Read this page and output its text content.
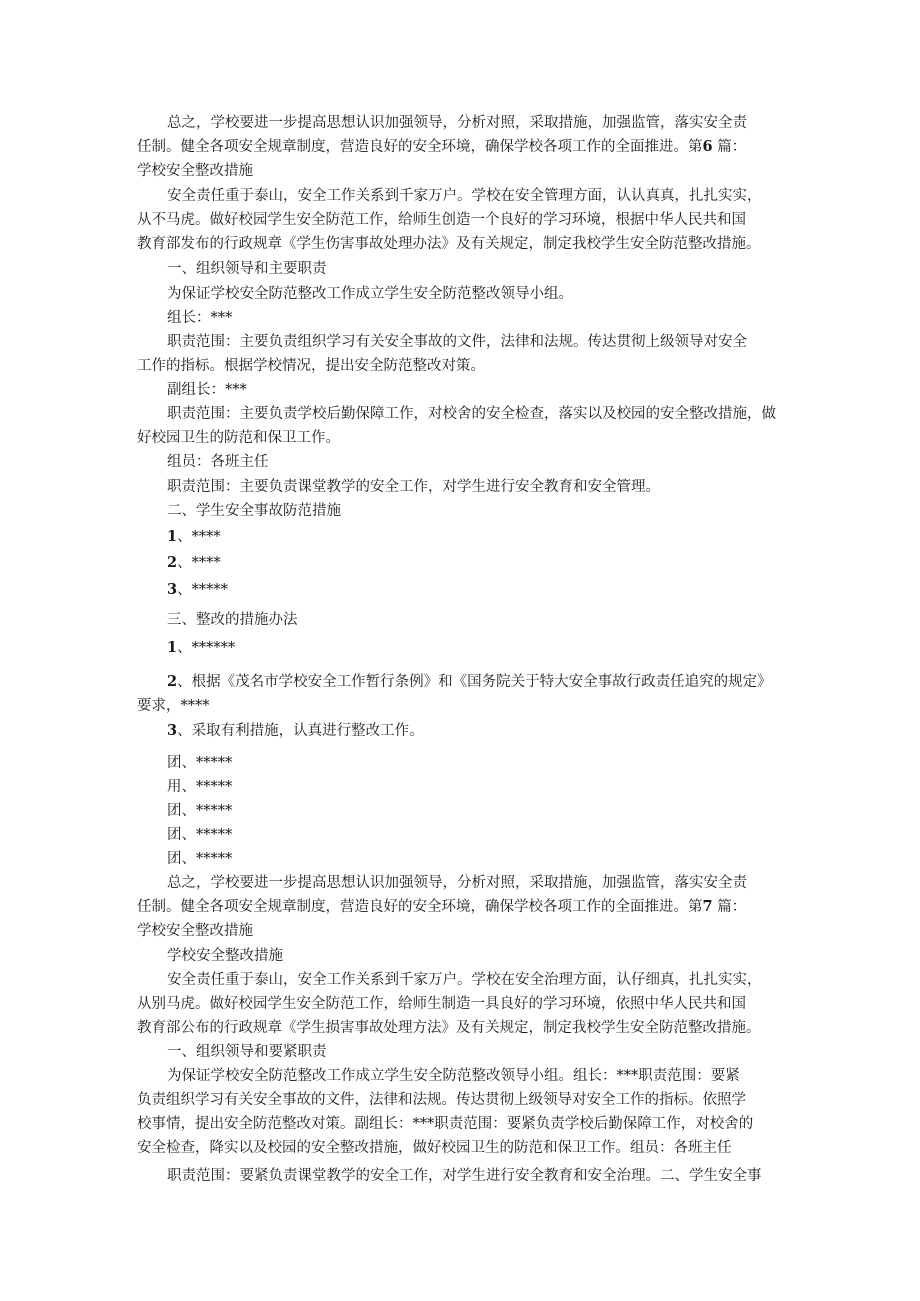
总之，学校要进一步提高思想认识加强领导，分析对照，采取措施，加强监管，落实安全责
任制。健全各项安全规章制度，营造良好的安全环境，确保学校各项工作的全面推进。第6 篇：
学校安全整改措施
安全责任重于泰山，安全工作关系到千家万户。学校在安全管理方面，认认真真，扎扎实实，
从不马虎。做好校园学生安全防范工作，给师生创造一个良好的学习环境，根据中华人民共和国
教育部发布的行政规章《学生伤害事故处理办法》及有关规定，制定我校学生安全防范整改措施。
一、组织领导和主要职责
为保证学校安全防范整改工作成立学生安全防范整改领导小组。
组长：***
职责范围：主要负责组织学习有关安全事故的文件，法律和法规。传达贯彻上级领导对安全
工作的指标。根据学校情况，提出安全防范整改对策。
副组长：***
职责范围：主要负责学校后勤保障工作，对校舍的安全检查，落实以及校园的安全整改措施，做
好校园卫生的防范和保卫工作。
组员：各班主任
职责范围：主要负责课堂教学的安全工作，对学生进行安全教育和安全管理。
二、学生安全事故防范措施
1、****
2、****
3、*****
三、整改的措施办法
1、******
2、根据《茂名市学校安全工作暂行条例》和《国务院关于特大安全事故行政责任追究的规定》
要求，****
3、采取有利措施，认真进行整改工作。
团、*****
用、*****
团、*****
团、*****
团、*****
总之，学校要进一步提高思想认识加强领导，分析对照，采取措施，加强监管，落实安全责
任制。健全各项安全规章制度，营造良好的安全环境，确保学校各项工作的全面推进。第7 篇：
学校安全整改措施
学校安全整改措施
安全责任重于泰山，安全工作关系到千家万户。学校在安全治理方面，认仔细真，扎扎实实，
从别马虎。做好校园学生安全防范工作，给师生制造一具良好的学习环境，依照中华人民共和国
教育部公布的行政规章《学生损害事故处理方法》及有关规定，制定我校学生安全防范整改措施。
一、组织领导和要紧职责
为保证学校安全防范整改工作成立学生安全防范整改领导小组。组长：***职责范围：要紧
负责组织学习有关安全事故的文件，法律和法规。传达贯彻上级领导对安全工作的指标。依照学
校事情，提出安全防范整改对策。副组长：***职责范围：要紧负责学校后勤保障工作，对校舍的
安全检查，降实以及校园的安全整改措施，做好校园卫生的防范和保卫工作。组员：各班主任
职责范围：要紧负责课堂教学的安全工作，对学生进行安全教育和安全治理。二、学生安全事
